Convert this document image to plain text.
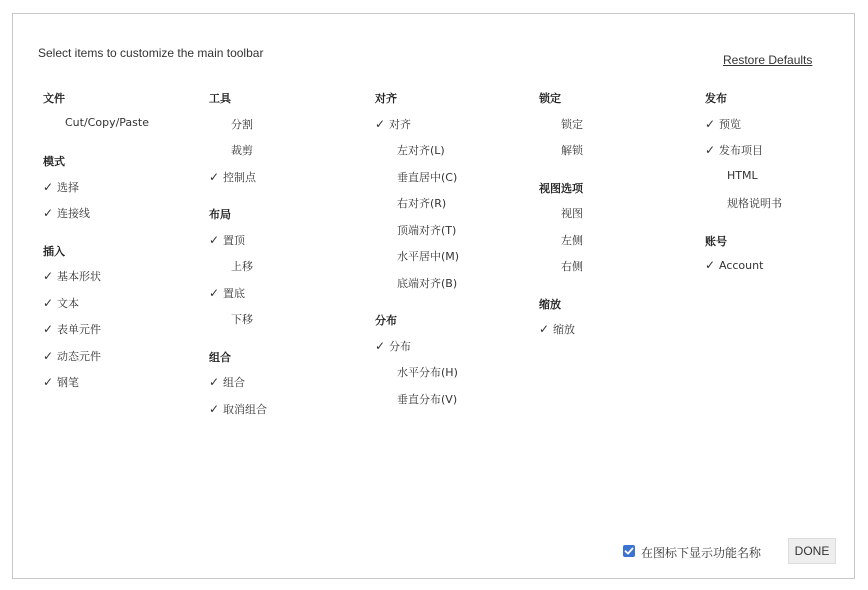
Select items to customize the main toolbar	Restore Defaults
文件
Cut/Copy/Paste
模式
✓ 选择
✓ 连接线
插入
✓ 基本形状
✓ 文本
✓ 表单元件
✓ 动态元件
✓ 钢笔
工具
分割
裁剪
✓ 控制点
布局
✓ 置顶
上移
✓ 置底
下移
组合
✓ 组合
✓ 取消组合
对齐
✓ 对齐
左对齐(L)
垂直居中(C)
右对齐(R)
顶端对齐(T)
水平居中(M)
底端对齐(B)
分布
✓ 分布
水平分布(H)
垂直分布(V)
锁定
锁定
解锁
视图选项
视图
左侧
右侧
缩放
✓ 缩放
发布
✓ 预览
✓ 发布项目
HTML
规格说明书
账号
✓ Account
在图标下显示功能名称	DONE
